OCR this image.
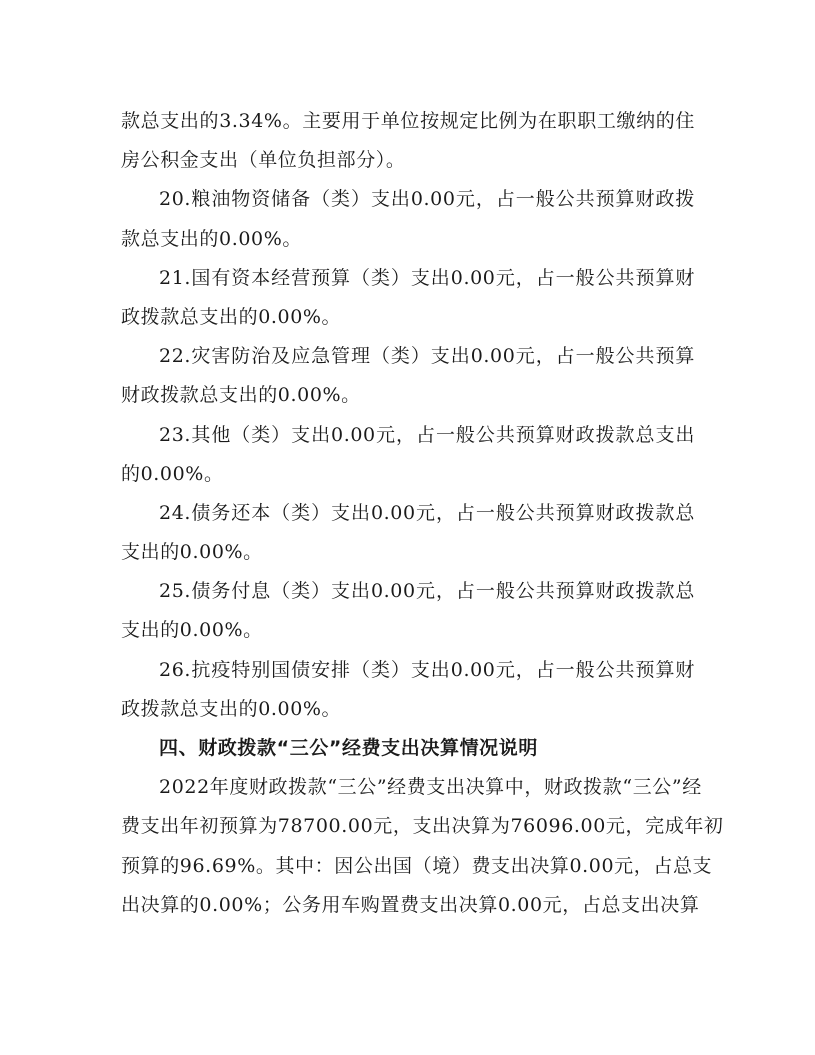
款总支出的3.34%。主要用于单位按规定比例为在职职工缴纳的住
房公积金支出（单位负担部分）。
20.粮油物资储备（类）支出0.00元，占一般公共预算财政拨
款总支出的0.00%。
21.国有资本经营预算（类）支出0.00元，占一般公共预算财
政拨款总支出的0.00%。
22.灾害防治及应急管理（类）支出0.00元，占一般公共预算
财政拨款总支出的0.00%。
23.其他（类）支出0.00元，占一般公共预算财政拨款总支出
的0.00%。
24.债务还本（类）支出0.00元，占一般公共预算财政拨款总
支出的0.00%。
25.债务付息（类）支出0.00元，占一般公共预算财政拨款总
支出的0.00%。
26.抗疫特别国债安排（类）支出0.00元，占一般公共预算财
政拨款总支出的0.00%。
四、财政拨款“三公”经费支出决算情况说明
2022年度财政拨款“三公”经费支出决算中，财政拨款“三公”经
费支出年初预算为78700.00元，支出决算为76096.00元，完成年初
预算的96.69%。其中：因公出国（境）费支出决算0.00元，占总支
出决算的0.00%；公务用车购置费支出决算0.00元，占总支出决算
